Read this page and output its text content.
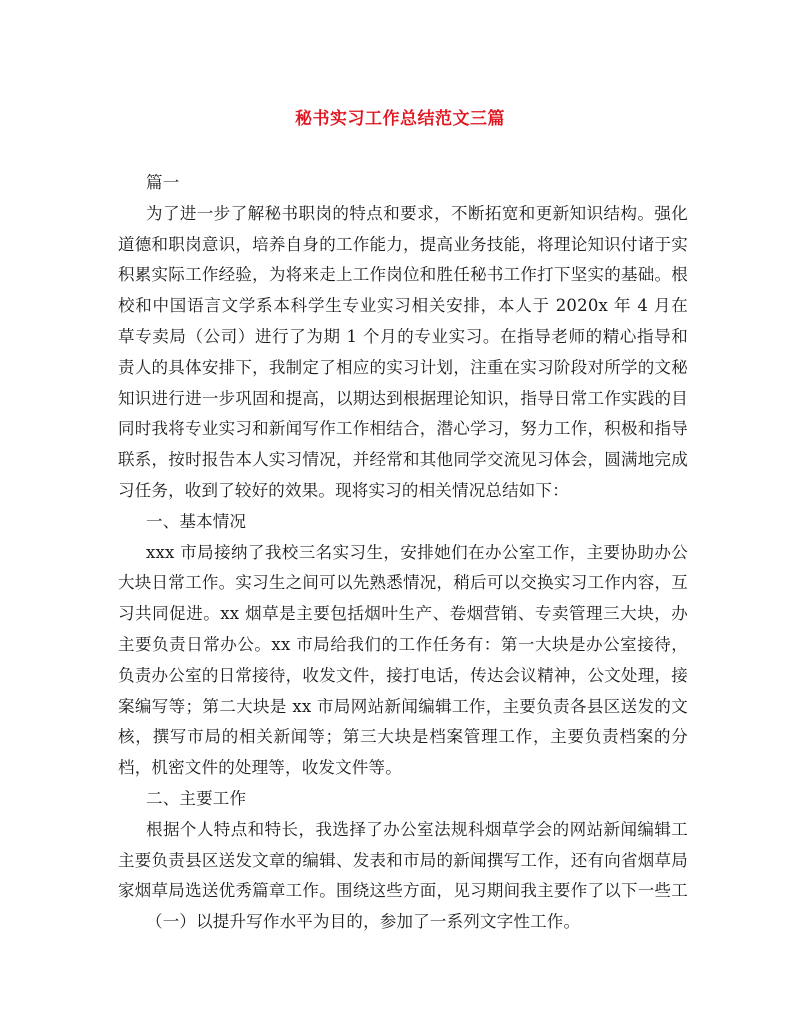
秘书实习工作总结范文三篇
篇一
为了进一步了解秘书职岗的特点和要求，不断拓宽和更新知识结构。强化
道德和职岗意识，培养自身的工作能力，提高业务技能，将理论知识付诸于实
积累实际工作经验，为将来走上工作岗位和胜任秘书工作打下坚实的基础。根
校和中国语言文学系本科学生专业实习相关安排，本人于 2020x 年 4 月在
草专卖局（公司）进行了为期 1 个月的专业实习。在指导老师的精心指导和
责人的具体安排下，我制定了相应的实习计划，注重在实习阶段对所学的文秘
知识进行进一步巩固和提高，以期达到根据理论知识，指导日常工作实践的目
同时我将专业实习和新闻写作工作相结合，潜心学习，努力工作，积极和指导
联系，按时报告本人实习情况，并经常和其他同学交流见习体会，圆满地完成
习任务，收到了较好的效果。现将实习的相关情况总结如下：
一、基本情况
xxx 市局接纳了我校三名实习生，安排她们在办公室工作，主要协助办公
大块日常工作。实习生之间可以先熟悉情况，稍后可以交换实习工作内容，互
习共同促进。xx 烟草是主要包括烟叶生产、卷烟营销、专卖管理三大块，办
主要负责日常办公。xx 市局给我们的工作任务有：第一大块是办公室接待，
负责办公室的日常接待，收发文件，接打电话，传达会议精神，公文处理，接
案编写等；第二大块是 xx 市局网站新闻编辑工作，主要负责各县区送发的文
核，撰写市局的相关新闻等；第三大块是档案管理工作，主要负责档案的分
档，机密文件的处理等，收发文件等。
二、主要工作
根据个人特点和特长，我选择了办公室法规科烟草学会的网站新闻编辑工
主要负责县区送发文章的编辑、发表和市局的新闻撰写工作，还有向省烟草局
家烟草局选送优秀篇章工作。围绕这些方面，见习期间我主要作了以下一些工
（一）以提升写作水平为目的，参加了一系列文字性工作。
